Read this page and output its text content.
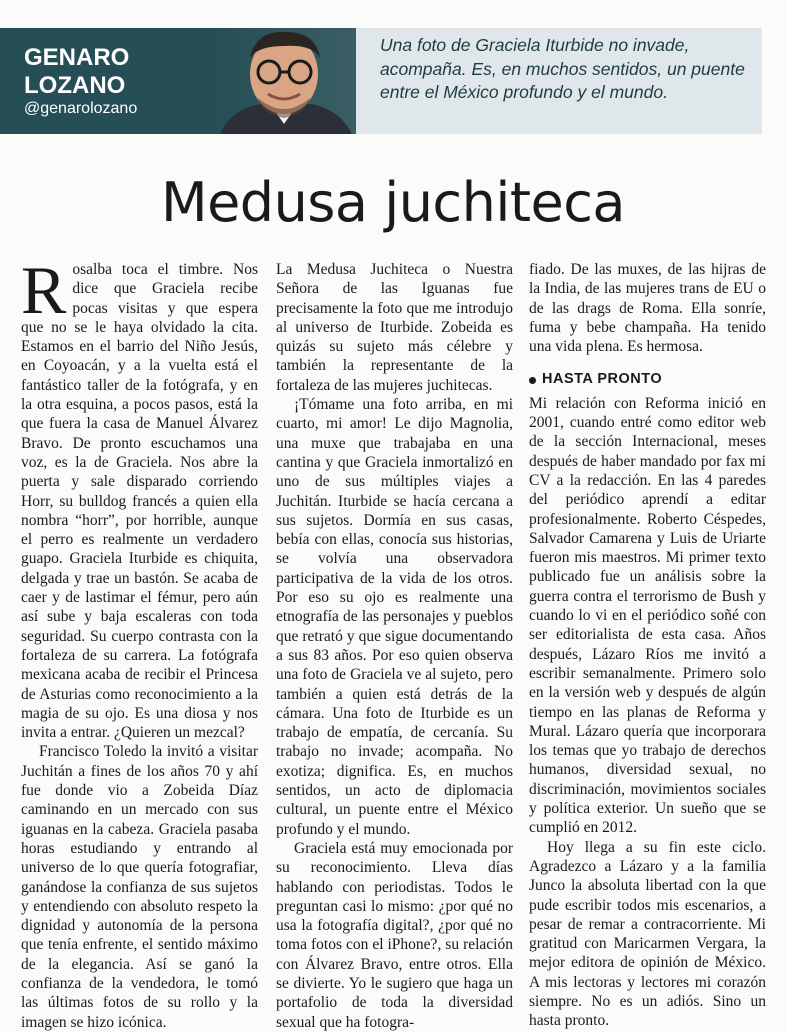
GENARO LOZANO
@genarolozano
Una foto de Graciela Iturbide no invade, acompaña. Es, en muchos sentidos, un puente entre el México profundo y el mundo.
Medusa juchiteca

Rosalba toca el timbre. Nos dice que Graciela recibe pocas visitas y que espera que no se le haya olvidado la cita. Estamos en el barrio del Niño Jesús, en Coyoacán, y a la vuelta está el fantástico taller de la fotógrafa, y en la otra esquina, a pocos pasos, está la que fuera la casa de Manuel Álvarez Bravo. De pronto escuchamos una voz, es la de Graciela. Nos abre la puerta y sale disparado corriendo Horr, su bulldog francés a quien ella nombra “horr”, por horrible, aunque el perro es realmente un verdadero guapo. Graciela Iturbide es chiquita, delgada y trae un bastón. Se acaba de caer y de lastimar el fémur, pero aún así sube y baja escaleras con toda seguridad. Su cuerpo contrasta con la fortaleza de su carrera. La fotógrafa mexicana acaba de recibir el Princesa de Asturias como reconocimiento a la magia de su ojo. Es una diosa y nos invita a entrar. ¿Quieren un mezcal?

Francisco Toledo la invitó a visitar Juchitán a fines de los años 70 y ahí fue donde vio a Zobeida Díaz caminando en un mercado con sus iguanas en la cabeza. Graciela pasaba horas estudiando y entrando al universo de lo que quería fotografiar, ganándose la confianza de sus sujetos y entendiendo con absoluto respeto la dignidad y autonomía de la persona que tenía enfrente, el sentido máximo de la elegancia. Así se ganó la confianza de la vendedora, le tomó las últimas fotos de su rollo y la imagen se hizo icónica.

La Medusa Juchiteca o Nuestra Señora de las Iguanas fue precisamente la foto que me introdujo al universo de Iturbide. Zobeida es quizás su sujeto más célebre y también la representante de la fortaleza de las mujeres juchitecas.

¡Tómame una foto arriba, en mi cuarto, mi amor! Le dijo Magnolia, una muxe que trabajaba en una cantina y que Graciela inmortalizó en uno de sus múltiples viajes a Juchitán. Iturbide se hacía cercana a sus sujetos. Dormía en sus casas, bebía con ellas, conocía sus historias, se volvía una observadora participativa de la vida de los otros. Por eso su ojo es realmente una etnografía de las personajes y pueblos que retrató y que sigue documentando a sus 83 años. Por eso quien observa una foto de Graciela ve al sujeto, pero también a quien está detrás de la cámara. Una foto de Iturbide es un trabajo de empatía, de cercanía. Su trabajo no invade; acompaña. No exotiza; dignifica. Es, en muchos sentidos, un acto de diplomacia cultural, un puente entre el México profundo y el mundo.

Graciela está muy emocionada por su reconocimiento. Lleva días hablando con periodistas. Todos le preguntan casi lo mismo: ¿por qué no usa la fotografía digital?, ¿por qué no toma fotos con el iPhone?, su relación con Álvarez Bravo, entre otros. Ella se divierte. Yo le sugiero que haga un portafolio de toda la diversidad sexual que ha fotogra-

fiado. De las muxes, de las hijras de la India, de las mujeres trans de EU o de las drags de Roma. Ella sonríe, fuma y bebe champaña. Ha tenido una vida plena. Es hermosa.

HASTA PRONTO

Mi relación con Reforma inició en 2001, cuando entré como editor web de la sección Internacional, meses después de haber mandado por fax mi CV a la redacción. En las 4 paredes del periódico aprendí a editar profesionalmente. Roberto Céspedes, Salvador Camarena y Luis de Uriarte fueron mis maestros. Mi primer texto publicado fue un análisis sobre la guerra contra el terrorismo de Bush y cuando lo vi en el periódico soñé con ser editorialista de esta casa. Años después, Lázaro Ríos me invitó a escribir semanalmente. Primero solo en la versión web y después de algún tiempo en las planas de Reforma y Mural. Lázaro quería que incorporara los temas que yo trabajo de derechos humanos, diversidad sexual, no discriminación, movimientos sociales y política exterior. Un sueño que se cumplió en 2012.

Hoy llega a su fin este ciclo. Agradezco a Lázaro y a la familia Junco la absoluta libertad con la que pude escribir todos mis escenarios, a pesar de remar a contracorriente. Mi gratitud con Maricarmen Vergara, la mejor editora de opinión de México. A mis lectoras y lectores mi corazón siempre. No es un adiós. Sino un hasta pronto.
